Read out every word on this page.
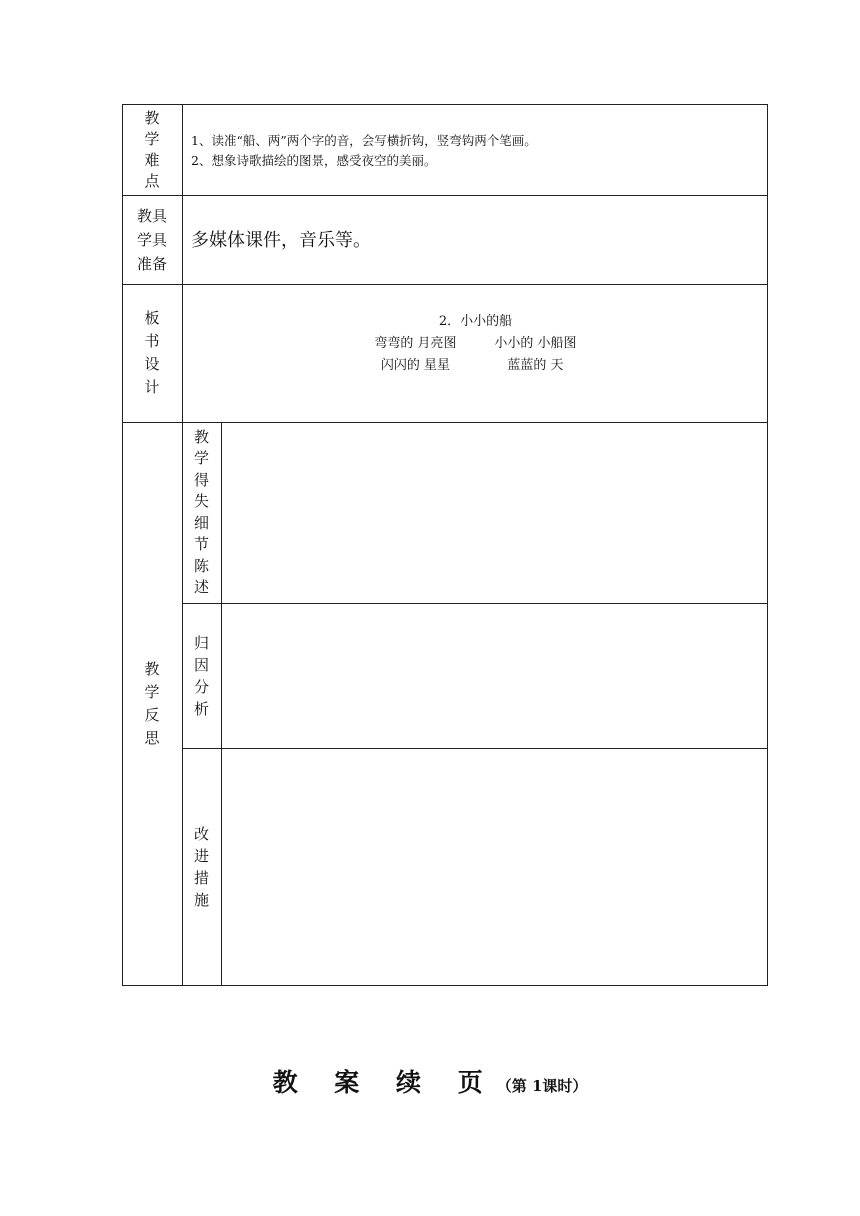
教
学
难
点
1、读准“船、两”两个字的音，会写横折钩，竖弯钩两个笔画。
2、想象诗歌描绘的图景，感受夜空的美丽。
教具
学具
准备
多媒体课件，音乐等。
板
书
设
计
2．小小的船
弯弯的 月亮图	小小的 小船图
闪闪的 星星	蓝蓝的 天
教
学
反
思
教
学
得
失
细
节
陈
述
归
因
分
析
改
进
措
施
教 案 续 页（第 1课时）
